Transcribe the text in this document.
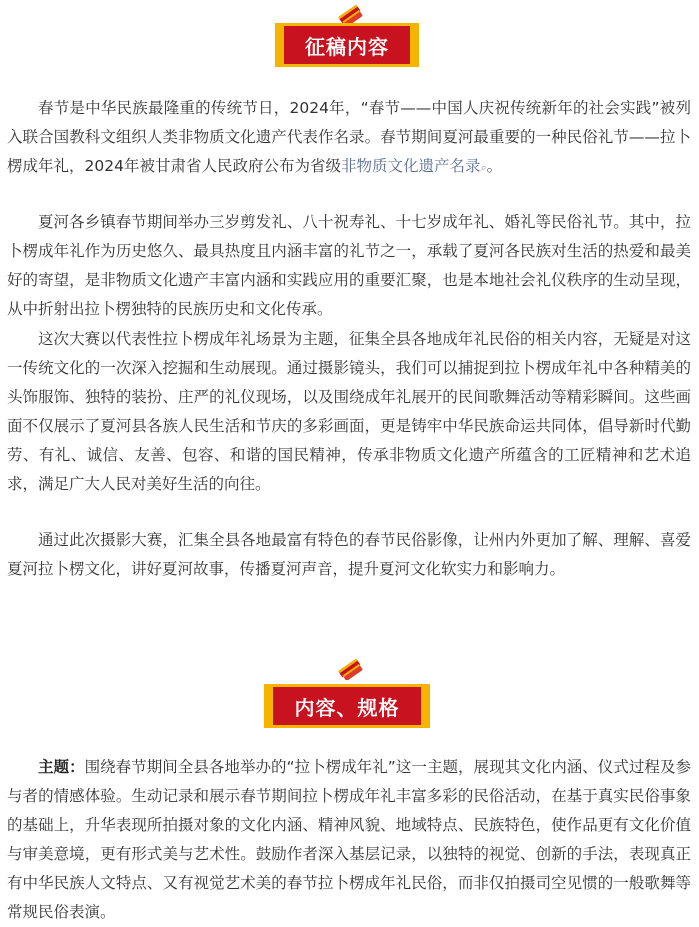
征稿内容

春节是中华民族最隆重的传统节日，2024年，“春节——中国人庆祝传统新年的社会实践”被列入联合国教科文组织人类非物质文化遗产代表作名录。春节期间夏河最重要的一种民俗礼节——拉卜楞成年礼，2024年被甘肃省人民政府公布为省级非物质文化遗产名录⌕。

夏河各乡镇春节期间举办三岁剪发礼、八十祝寿礼、十七岁成年礼、婚礼等民俗礼节。其中，拉卜楞成年礼作为历史悠久、最具热度且内涵丰富的礼节之一，承载了夏河各民族对生活的热爱和最美好的寄望，是非物质文化遗产丰富内涵和实践应用的重要汇聚，也是本地社会礼仪秩序的生动呈现，从中折射出拉卜楞独特的民族历史和文化传承。

这次大赛以代表性拉卜楞成年礼场景为主题，征集全县各地成年礼民俗的相关内容，无疑是对这一传统文化的一次深入挖掘和生动展现。通过摄影镜头，我们可以捕捉到拉卜楞成年礼中各种精美的头饰服饰、独特的装扮、庄严的礼仪现场，以及围绕成年礼展开的民间歌舞活动等精彩瞬间。这些画面不仅展示了夏河县各族人民生活和节庆的多彩画面，更是铸牢中华民族命运共同体，倡导新时代勤劳、有礼、诚信、友善、包容、和谐的国民精神，传承非物质文化遗产所蕴含的工匠精神和艺术追求，满足广大人民对美好生活的向往。

通过此次摄影大赛，汇集全县各地最富有特色的春节民俗影像，让州内外更加了解、理解、喜爱夏河拉卜楞文化，讲好夏河故事，传播夏河声音，提升夏河文化软实力和影响力。

内容、规格

主题：围绕春节期间全县各地举办的“拉卜楞成年礼”这一主题，展现其文化内涵、仪式过程及参与者的情感体验。生动记录和展示春节期间拉卜楞成年礼丰富多彩的民俗活动，在基于真实民俗事象的基础上，升华表现所拍摄对象的文化内涵、精神风貌、地域特点、民族特色，使作品更有文化价值与审美意境，更有形式美与艺术性。鼓励作者深入基层记录，以独特的视觉、创新的手法，表现真正有中华民族人文特点、又有视觉艺术美的春节拉卜楞成年礼民俗，而非仅拍摄司空见惯的一般歌舞等常规民俗表演。
